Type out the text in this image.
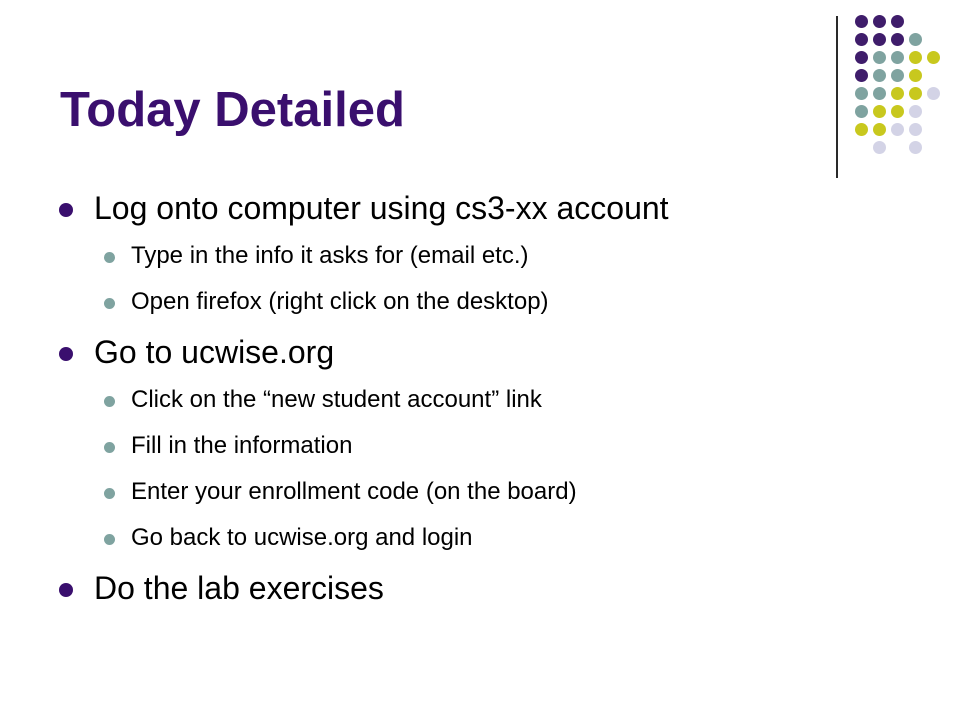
Today Detailed
Log onto computer using cs3-xx account
Type in the info it asks for (email etc.)
Open firefox (right click on the desktop)
Go to ucwise.org
Click on the “new student account” link
Fill in the information
Enter your enrollment code (on the board)
Go back to ucwise.org and login
Do the lab exercises
